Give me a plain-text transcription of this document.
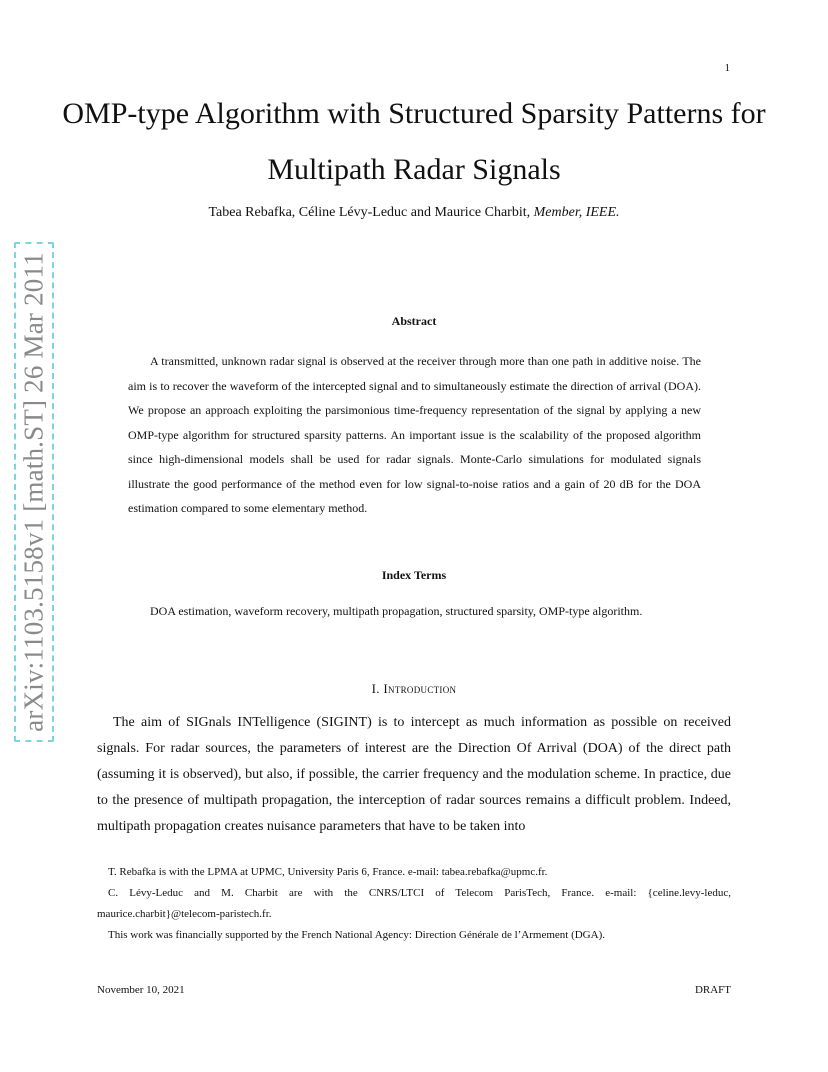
1
arXiv:1103.5158v1 [math.ST] 26 Mar 2011
OMP-type Algorithm with Structured Sparsity Patterns for Multipath Radar Signals
Tabea Rebafka, Céline Lévy-Leduc and Maurice Charbit, Member, IEEE.
Abstract

A transmitted, unknown radar signal is observed at the receiver through more than one path in additive noise. The aim is to recover the waveform of the intercepted signal and to simultaneously estimate the direction of arrival (DOA). We propose an approach exploiting the parsimonious time-frequency representation of the signal by applying a new OMP-type algorithm for structured sparsity patterns. An important issue is the scalability of the proposed algorithm since high-dimensional models shall be used for radar signals. Monte-Carlo simulations for modulated signals illustrate the good performance of the method even for low signal-to-noise ratios and a gain of 20 dB for the DOA estimation compared to some elementary method.

Index Terms

DOA estimation, waveform recovery, multipath propagation, structured sparsity, OMP-type algorithm.

I. Introduction

The aim of SIGnals INTelligence (SIGINT) is to intercept as much information as possible on received signals. For radar sources, the parameters of interest are the Direction Of Arrival (DOA) of the direct path (assuming it is observed), but also, if possible, the carrier frequency and the modulation scheme. In practice, due to the presence of multipath propagation, the interception of radar sources remains a difficult problem. Indeed, multipath propagation creates nuisance parameters that have to be taken into

T. Rebafka is with the LPMA at UPMC, University Paris 6, France. e-mail: tabea.rebafka@upmc.fr.

C. Lévy-Leduc and M. Charbit are with the CNRS/LTCI of Telecom ParisTech, France. e-mail: {celine.levy-leduc, maurice.charbit}@telecom-paristech.fr.

This work was financially supported by the French National Agency: Direction Générale de l’Armement (DGA).

November 10, 2021	DRAFT
